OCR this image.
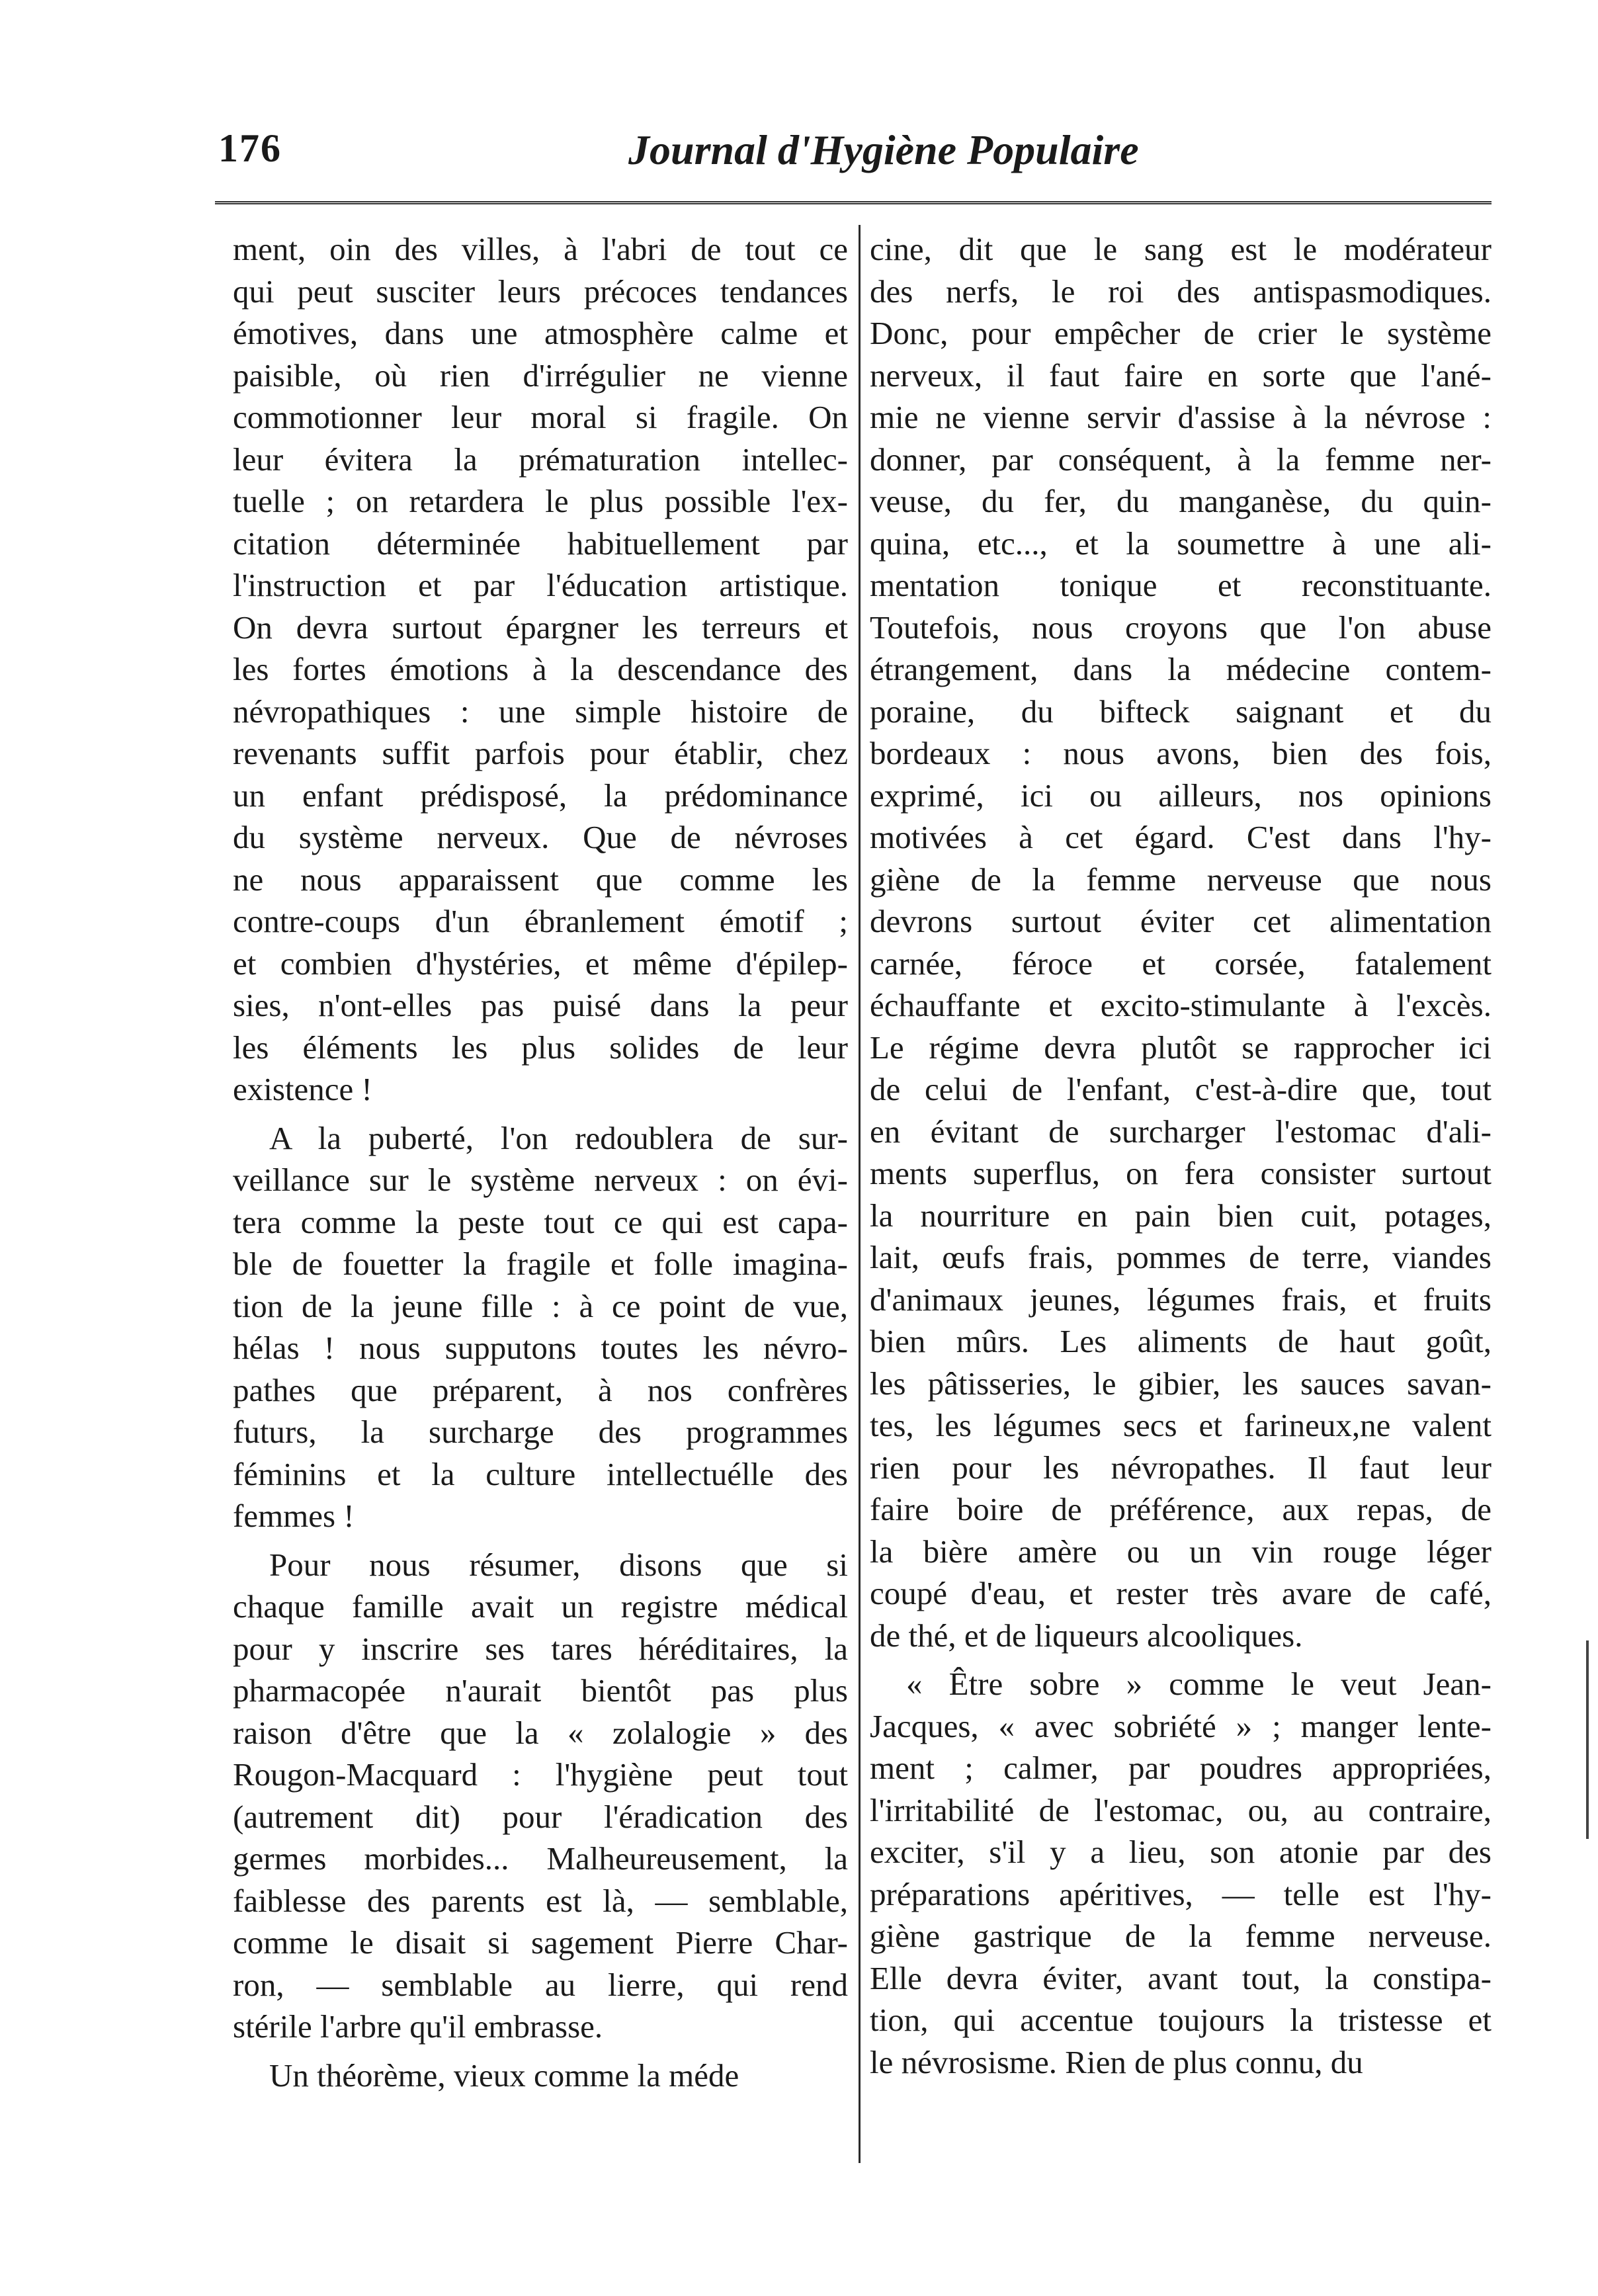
176	Journal d'Hygiène Populaire
ment, oin des villes, à l'abri de tout ce
qui peut susciter leurs précoces tendances
émotives, dans une atmosphère calme et
paisible, où rien d'irrégulier ne vienne
commotionner leur moral si fragile. On
leur évitera la prématuration intellec-
tuelle ; on retardera le plus possible l'ex-
citation déterminée habituellement par
l'instruction et par l'éducation artistique.
On devra surtout épargner les terreurs et
les fortes émotions à la descendance des
névropathiques : une simple histoire de
revenants suffit parfois pour établir, chez
un enfant prédisposé, la prédominance
du système nerveux. Que de névroses
ne nous apparaissent que comme les
contre-coups d'un ébranlement émotif ;
et combien d'hystéries, et même d'épilep-
sies, n'ont-elles pas puisé dans la peur
les éléments les plus solides de leur
existence !
A la puberté, l'on redoublera de sur-
veillance sur le système nerveux : on évi-
tera comme la peste tout ce qui est capa-
ble de fouetter la fragile et folle imagina-
tion de la jeune fille : à ce point de vue,
hélas ! nous supputons toutes les névro-
pathes que préparent, à nos confrères
futurs, la surcharge des programmes
féminins et la culture intellectuélle des
femmes !
Pour nous résumer, disons que si
chaque famille avait un registre médical
pour y inscrire ses tares héréditaires, la
pharmacopée n'aurait bientôt pas plus
raison d'être que la « zolalogie » des
Rougon-Macquard : l'hygiène peut tout
(autrement dit) pour l'éradication des
germes morbides... Malheureusement, la
faiblesse des parents est là, — semblable,
comme le disait si sagement Pierre Char-
ron, — semblable au lierre, qui rend
stérile l'arbre qu'il embrasse.
Un théorème, vieux comme la méde
cine, dit que le sang est le modérateur
des nerfs, le roi des antispasmodiques.
Donc, pour empêcher de crier le système
nerveux, il faut faire en sorte que l'ané-
mie ne vienne servir d'assise à la névrose :
donner, par conséquent, à la femme ner-
veuse, du fer, du manganèse, du quin-
quina, etc..., et la soumettre à une ali-
mentation tonique et reconstituante.
Toutefois, nous croyons que l'on abuse
étrangement, dans la médecine contem-
poraine, du bifteck saignant et du
bordeaux : nous avons, bien des fois,
exprimé, ici ou ailleurs, nos opinions
motivées à cet égard. C'est dans l'hy-
giène de la femme nerveuse que nous
devrons surtout éviter cet alimentation
carnée, féroce et corsée, fatalement
échauffante et excito-stimulante à l'excès.
Le régime devra plutôt se rapprocher ici
de celui de l'enfant, c'est-à-dire que, tout
en évitant de surcharger l'estomac d'ali-
ments superflus, on fera consister surtout
la nourriture en pain bien cuit, potages,
lait, œufs frais, pommes de terre, viandes
d'animaux jeunes, légumes frais, et fruits
bien mûrs. Les aliments de haut goût,
les pâtisseries, le gibier, les sauces savan-
tes, les légumes secs et farineux,ne valent
rien pour les névropathes. Il faut leur
faire boire de préférence, aux repas, de
la bière amère ou un vin rouge léger
coupé d'eau, et rester très avare de café,
de thé, et de liqueurs alcooliques.
« Être sobre » comme le veut Jean-
Jacques, « avec sobriété » ; manger lente-
ment ; calmer, par poudres appropriées,
l'irritabilité de l'estomac, ou, au contraire,
exciter, s'il y a lieu, son atonie par des
préparations apéritives, — telle est l'hy-
giène gastrique de la femme nerveuse.
Elle devra éviter, avant tout, la constipa-
tion, qui accentue toujours la tristesse et
le névrosisme. Rien de plus connu, du
